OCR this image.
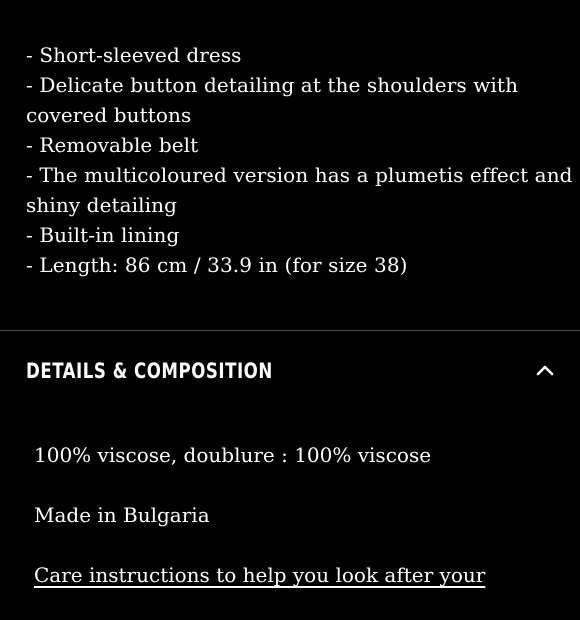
- Short-sleeved dress
- Delicate button detailing at the shoulders with
covered buttons
- Removable belt
- The multicoloured version has a plumetis effect and
shiny detailing
- Built-in lining
- Length: 86 cm / 33.9 in (for size 38)
DETAILS & COMPOSITION

100% viscose, doublure : 100% viscose

Made in Bulgaria

Care instructions to help you look after your
